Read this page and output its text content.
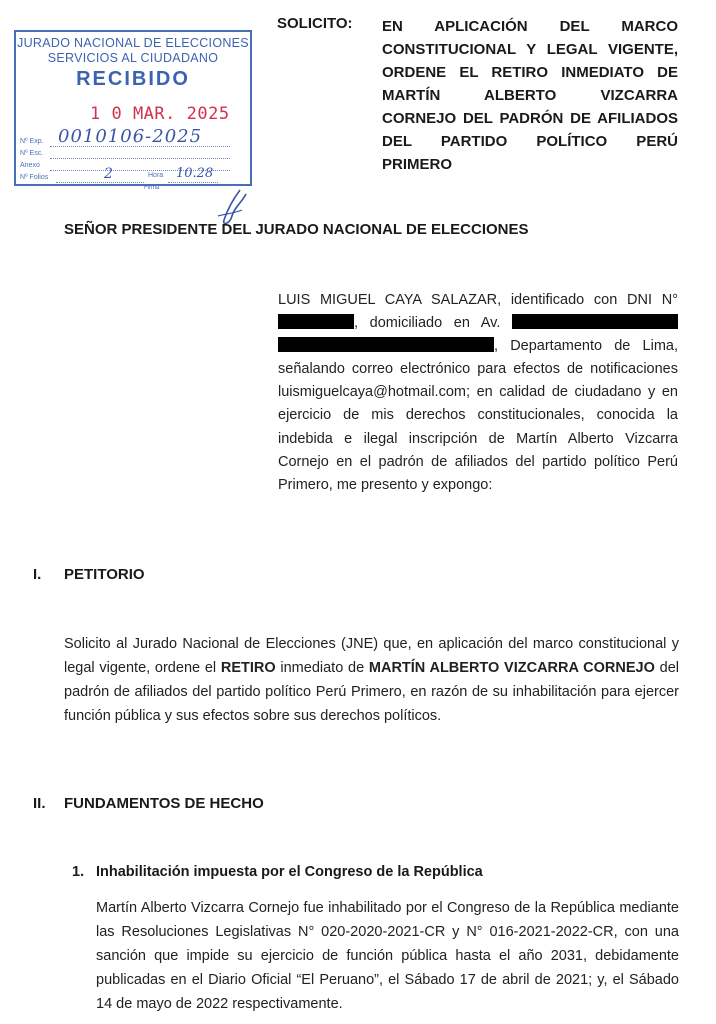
JURADO NACIONAL DE ELECCIONES
SERVICIOS AL CIUDADANO
RECIBIDO
1 0 MAR. 2025
Nº Exp.
Nº Esc.
Anexo
Nº Folios	Hora
Firma
0010106-2025
2	10.28
SOLICITO: EN APLICACIÓN DEL MARCO
CONSTITUCIONAL Y LEGAL VIGENTE,
ORDENE EL RETIRO INMEDIATO DE
MARTÍN ALBERTO VIZCARRA
CORNEJO DEL PADRÓN DE AFILIADOS
DEL PARTIDO POLÍTICO PERÚ
PRIMERO
SEÑOR PRESIDENTE DEL JURADO NACIONAL DE ELECCIONES
LUIS MIGUEL CAYA SALAZAR, identificado con DNI N° , domiciliado en Av.  , Departamento de Lima, señalando correo electrónico para efectos de notificaciones luismiguelcaya@hotmail.com; en calidad de ciudadano y en ejercicio de mis derechos constitucionales, conocida la indebida e ilegal inscripción de Martín Alberto Vizcarra Cornejo en el padrón de afiliados del partido político Perú Primero, me presento y expongo:
I. PETITORIO
Solicito al Jurado Nacional de Elecciones (JNE) que, en aplicación del marco constitucional y legal vigente, ordene el RETIRO inmediato de MARTÍN ALBERTO VIZCARRA CORNEJO del padrón de afiliados del partido político Perú Primero, en razón de su inhabilitación para ejercer función pública y sus efectos sobre sus derechos políticos.
II. FUNDAMENTOS DE HECHO
1. Inhabilitación impuesta por el Congreso de la República
Martín Alberto Vizcarra Cornejo fue inhabilitado por el Congreso de la República mediante las Resoluciones Legislativas N° 020-2020-2021-CR y N° 016-2021-2022-CR, con una sanción que impide su ejercicio de función pública hasta el año 2031, debidamente publicadas en el Diario Oficial “El Peruano”, el Sábado 17 de abril de 2021; y, el Sábado 14 de mayo de 2022 respectivamente.
